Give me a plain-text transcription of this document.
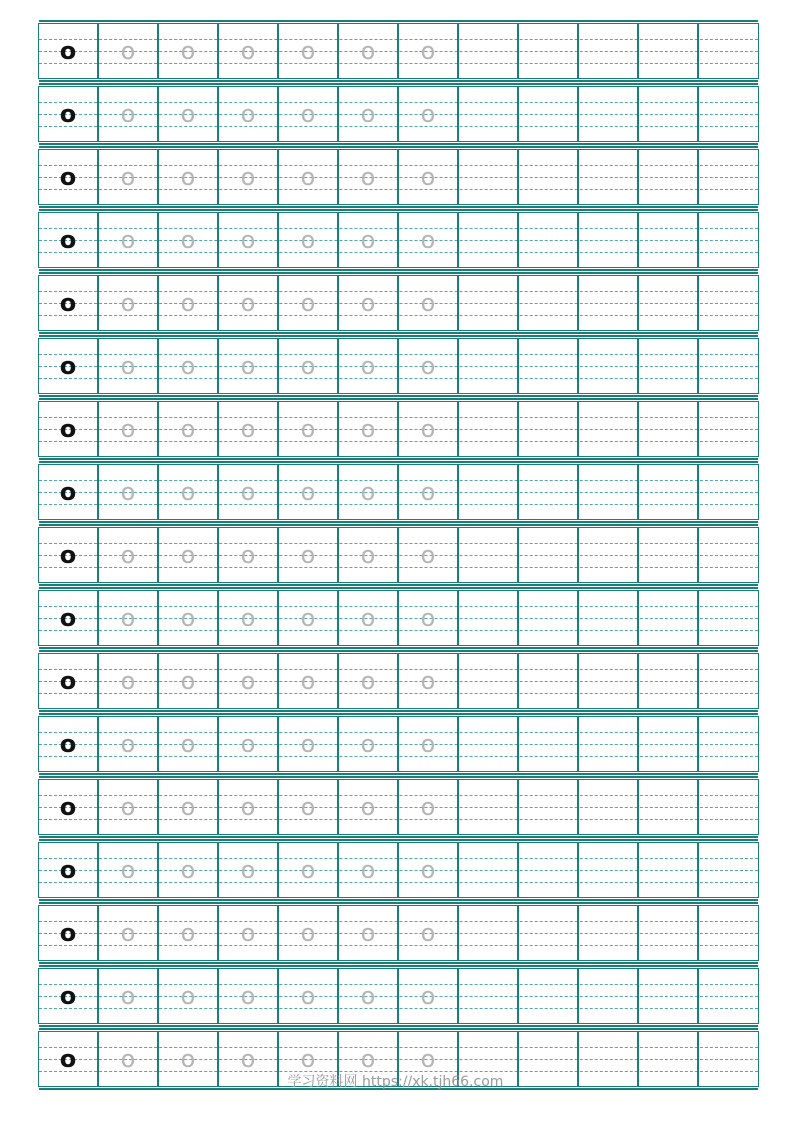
o o o o o o o
o o o o o o o
o o o o o o o
o o o o o o o
o o o o o o o
o o o o o o o
o o o o o o o
o o o o o o o
o o o o o o o
o o o o o o o
o o o o o o o
o o o o o o o
o o o o o o o
o o o o o o o
o o o o o o o
o o o o o o o
o o o o o o o
学习资料网 https://xk.tjh66.com
